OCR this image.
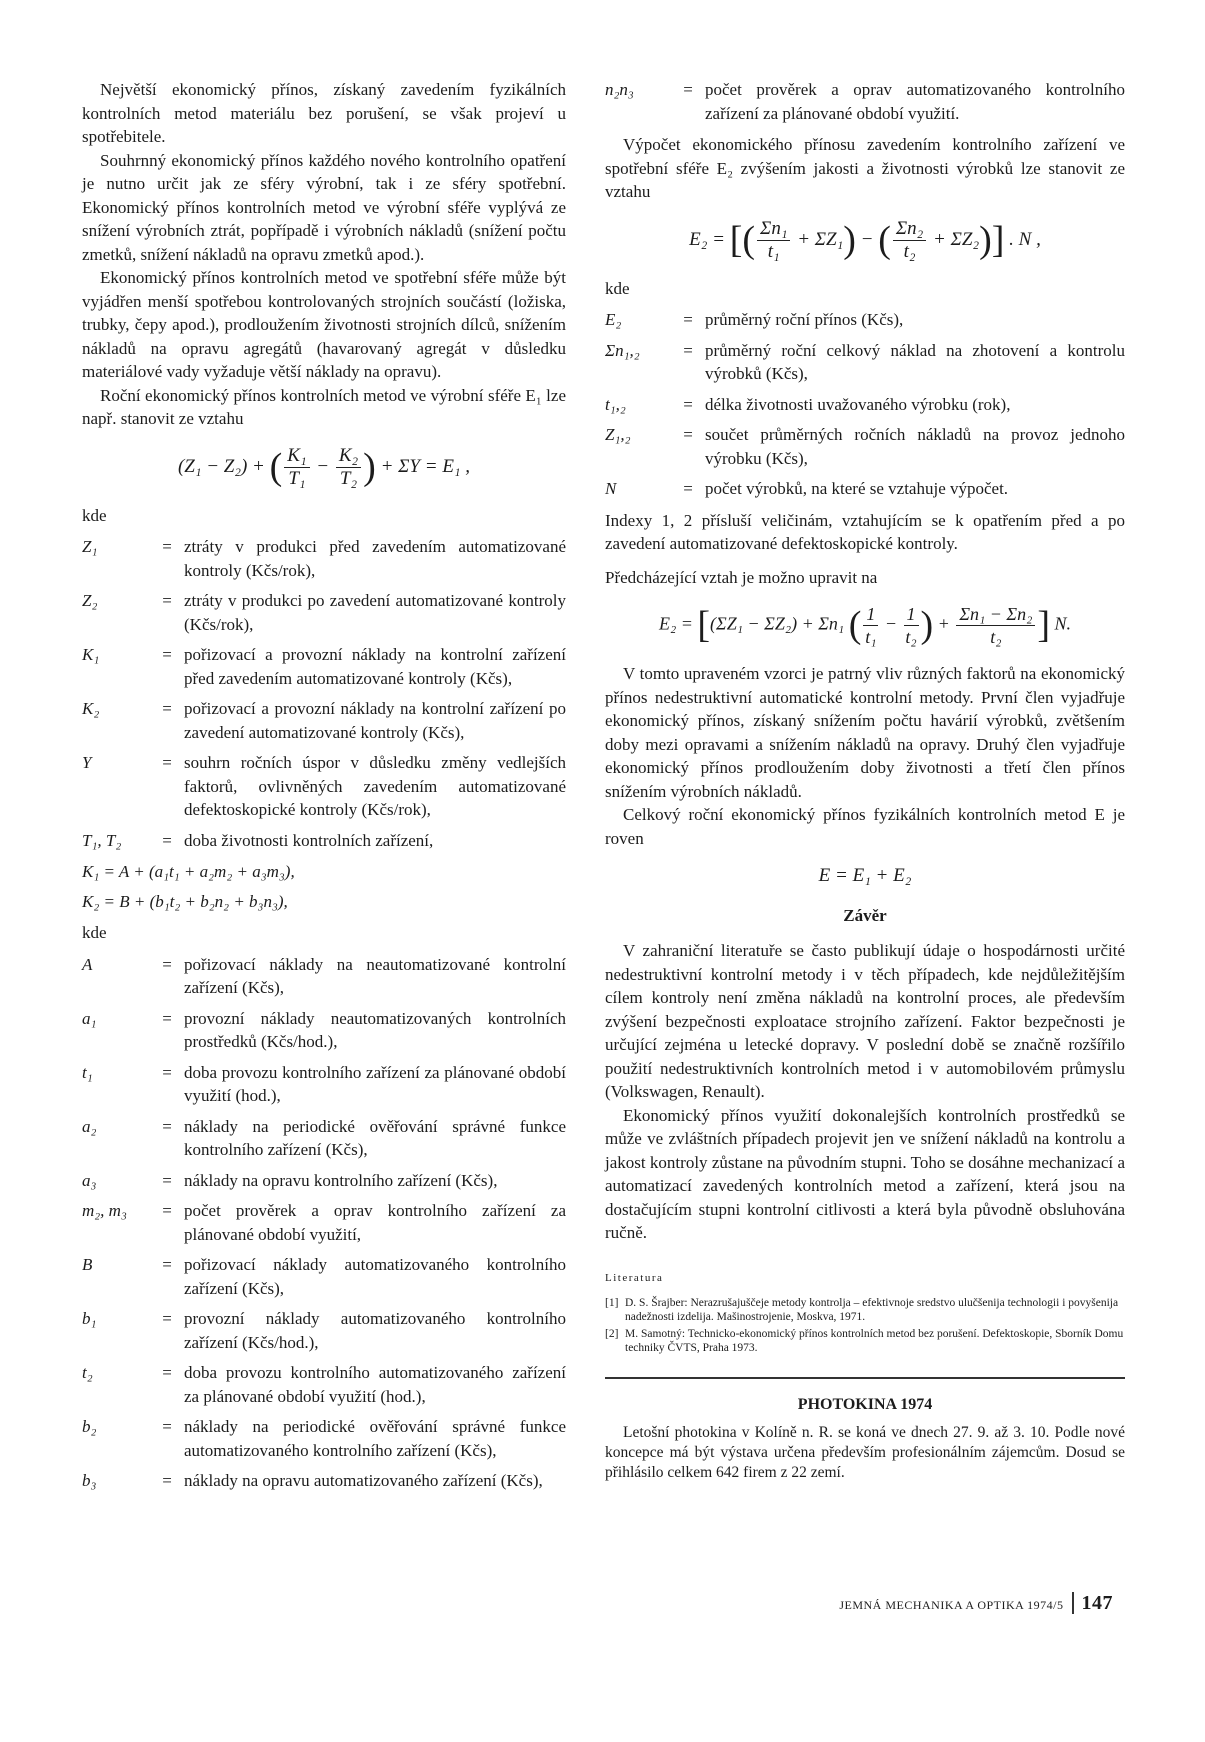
Největší ekonomický přínos, získaný zavedením fyzikálních kontrolních metod materiálu bez porušení, se však projeví u spotřebitele.

Souhrnný ekonomický přínos každého nového kontrolního opatření je nutno určit jak ze sféry výrobní, tak i ze sféry spotřební. Ekonomický přínos kontrolních metod ve výrobní sféře vyplývá ze snížení výrobních ztrát, popřípadě i výrobních nákladů (snížení počtu zmetků, snížení nákladů na opravu zmetků apod.).

Ekonomický přínos kontrolních metod ve spotřební sféře může být vyjádřen menší spotřebou kontrolovaných strojních součástí (ložiska, trubky, čepy apod.), prodloužením životnosti strojních dílců, snížením nákladů na opravu agregátů (havarovaný agregát v důsledku materiálové vady vyžaduje větší náklady na opravu).

Roční ekonomický přínos kontrolních metod ve výrobní sféře E₁ lze např. stanovit ze vztahu

(Z₁ − Z₂) + ( $\frac{\text{K₁}}{\text{T₁}} - \frac{\text{K₂}}{\text{T₂}}$ ) + ΣY = E₁ ,
kde
Z₁	= ztráty v produkci před zavedením automatizované kontroly (Kčs/rok),
Z₂	= ztráty v produkci po zavedení automatizované kontroly (Kčs/rok),
K₁	= pořizovací a provozní náklady na kontrolní zařízení před zavedením automatizované kontroly (Kčs),
K₂	= pořizovací a provozní náklady na kontrolní zařízení po zavedení automatizované kontroly (Kčs),
Y	= souhrn ročních úspor v důsledku změny vedlejších faktorů, ovlivněných zavedením automatizované defektoskopické kontroly (Kčs/rok),
T₁, T₂	= doba životnosti kontrolních zařízení,
K₁ = A + (a₁t₁ + a₂m₂ + a₃m₃),
K₂ = B + (b₁t₂ + b₂n₂ + b₃n₃),
kde
A	= pořizovací náklady na neautomatizované kontrolní zařízení (Kčs),
a₁	= provozní náklady neautomatizovaných kontrolních prostředků (Kčs/hod.),
t₁	= doba provozu kontrolního zařízení za plánované období využití (hod.),
a₂	= náklady na periodické ověřování správné funkce kontrolního zařízení (Kčs),
a₃	= náklady na opravu kontrolního zařízení (Kčs),
m₂, m₃	= počet prověrek a oprav kontrolního zařízení za plánované období využití,
B	= pořizovací náklady automatizovaného kontrolního zařízení (Kčs),
b₁	= provozní náklady automatizovaného kontrolního zařízení (Kčs/hod.),
t₂	= doba provozu kontrolního automatizovaného zařízení za plánované období využití (hod.),
b₂	= náklady na periodické ověřování správné funkce automatizovaného kontrolního zařízení (Kčs),
b₃	= náklady na opravu automatizovaného zařízení (Kčs),
n₂n₃	= počet prověrek a oprav automatizovaného kontrolního zařízení za plánované období využití.

Výpočet ekonomického přínosu zavedením kontrolního zařízení ve spotřební sféře E₂ zvýšením jakosti a životnosti výrobků lze stanovit ze vztahu

E₂ = [( $\frac{\text{Σn₁}}{\text{t₁}} + \Sigma Z_1$) − ( $\frac{\text{Σn₂}}{\text{t₂}} + \Sigma Z_2$)] . N ,
kde
E₂	= průměrný roční přínos (Kčs),
Σn₁,₂	= průměrný roční celkový náklad na zhotovení a kontrolu výrobků (Kčs),
t₁,₂	= délka životnosti uvažovaného výrobku (rok),
Z₁,₂	= součet průměrných ročních nákladů na provoz jednoho výrobku (Kčs),
N	= počet výrobků, na které se vztahuje výpočet.

Indexy 1, 2 přísluší veličinám, vztahujícím se k opatřením před a po zavedení automatizované defektoskopické kontroly.

Předcházející vztah je možno upravit na

E₂ = [(ΣZ₁ − ΣZ₂) + Σn₁ ( $\frac{1}{\text{t₁}} - \frac{1}{\text{t₂}}$ ) + $\frac{\text{Σn₁ − Σn₂}}{\text{t₂}}$ ] N.

V tomto upraveném vzorci je patrný vliv různých faktorů na ekonomický přínos nedestruktivní automatické kontrolní metody. První člen vyjadřuje ekonomický přínos, získaný snížením počtu havárií výrobků, zvětšením doby mezi opravami a snížením nákladů na opravy. Druhý člen vyjadřuje ekonomický přínos prodloužením doby životnosti a třetí člen přínos snížením výrobních nákladů.

Celkový roční ekonomický přínos fyzikálních kontrolních metod E je roven

E = E₁ + E₂
Závěr

V zahraniční literatuře se často publikují údaje o hospodárnosti určité nedestruktivní kontrolní metody i v těch případech, kde nejdůležitějším cílem kontroly není změna nákladů na kontrolní proces, ale především zvýšení bezpečnosti exploatace strojního zařízení. Faktor bezpečnosti je určující zejména u letecké dopravy. V poslední době se značně rozšířilo použití nedestruktivních kontrolních metod i v automobilovém průmyslu (Volkswagen, Renault).

Ekonomický přínos využití dokonalejších kontrolních prostředků se může ve zvláštních případech projevit jen ve snížení nákladů na kontrolu a jakost kontroly zůstane na původním stupni. Toho se dosáhne mechanizací a automatizací zavedených kontrolních metod a zařízení, která jsou na dostačujícím stupni kontrolní citlivosti a která byla původně obsluhována ručně.

Literatura
[1] D. S. Šrajber: Nerazrušajuščeje metody kontrolja – efektivnoje sredstvo ulučšenija technologii i povyšenija nadežnosti izdelija. Mašinostrojenie, Moskva, 1971.
[2] M. Samotný: Technicko-ekonomický přínos kontrolních metod bez porušení. Defektoskopie, Sborník Domu techniky ČVTS, Praha 1973.
PHOTOKINA 1974

Letošní photokina v Kolíně n. R. se koná ve dnech 27. 9. až 3. 10. Podle nové koncepce má být výstava určena především profesionálním zájemcům. Dosud se přihlásilo celkem 642 firem z 22 zemí.

JEMNÁ MECHANIKA A OPTIKA 1974/5 147
